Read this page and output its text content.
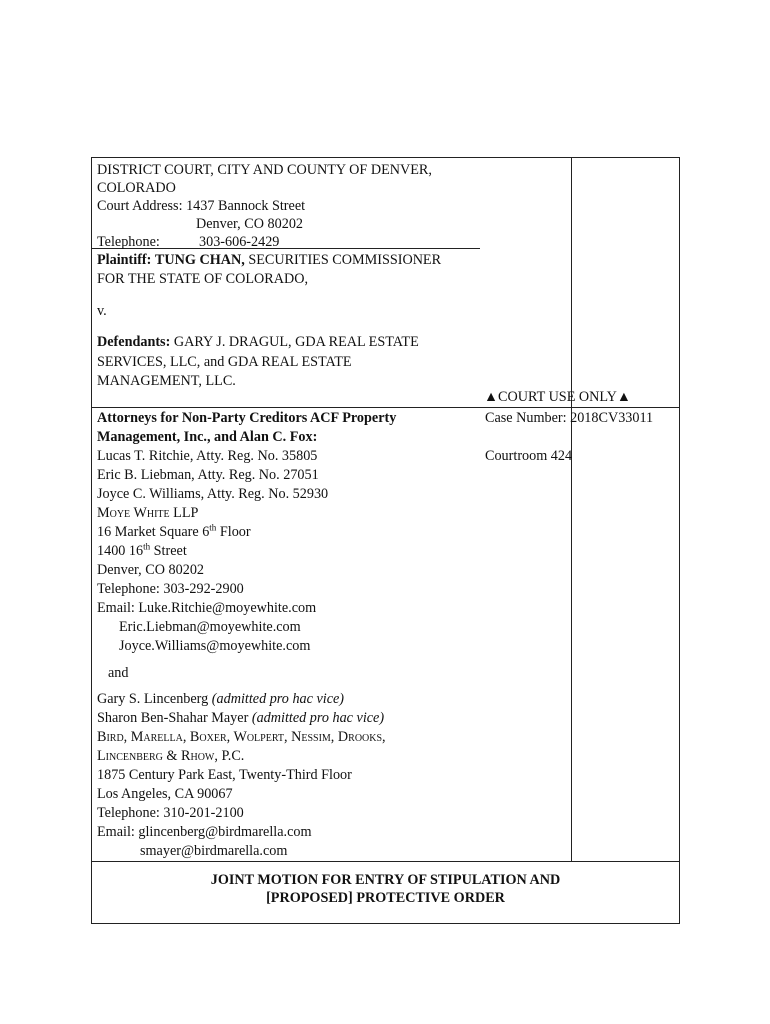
DISTRICT COURT, CITY AND COUNTY OF DENVER,
COLORADO
Court Address: 1437 Bannock Street
Denver, CO 80202
Telephone:	303-606-2429
Plaintiff: TUNG CHAN, SECURITIES COMMISSIONER
FOR THE STATE OF COLORADO,
v.
Defendants: GARY J. DRAGUL, GDA REAL ESTATE
SERVICES, LLC, and GDA REAL ESTATE
MANAGEMENT, LLC.
▲COURT USE ONLY▲
Case Number: 2018CV33011
Courtroom 424
Attorneys for Non-Party Creditors ACF Property
Management, Inc., and Alan C. Fox:
Lucas T. Ritchie, Atty. Reg. No. 35805
Eric B. Liebman, Atty. Reg. No. 27051
Joyce C. Williams, Atty. Reg. No. 52930
Moye White LLP
16 Market Square 6th Floor
1400 16th Street
Denver, CO 80202
Telephone: 303-292-2900
Email: Luke.Ritchie@moyewhite.com
Eric.Liebman@moyewhite.com
Joyce.Williams@moyewhite.com
and
Gary S. Lincenberg (admitted pro hac vice)
Sharon Ben-Shahar Mayer (admitted pro hac vice)
Bird, Marella, Boxer, Wolpert, Nessim, Drooks,
Lincenberg & Rhow, P.C.
1875 Century Park East, Twenty-Third Floor
Los Angeles, CA 90067
Telephone: 310-201-2100
Email: glincenberg@birdmarella.com
smayer@birdmarella.com
JOINT MOTION FOR ENTRY OF STIPULATION AND
[PROPOSED] PROTECTIVE ORDER
